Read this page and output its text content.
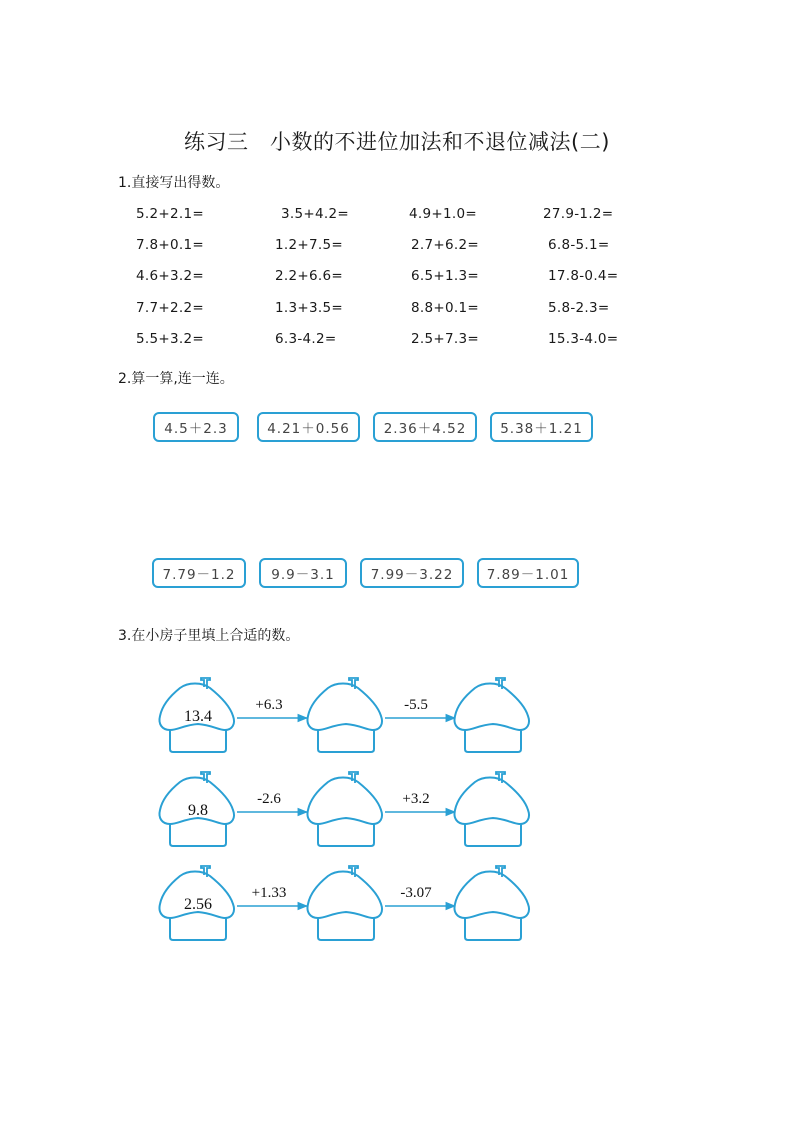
练习三　小数的不进位加法和不退位减法(二)
1.直接写出得数。
5.2+2.1=	3.5+4.2=	4.9+1.0=	27.9-1.2=
7.8+0.1=	1.2+7.5=	2.7+6.2=	6.8-5.1=
4.6+3.2=	2.2+6.6=	6.5+1.3=	17.8-0.4=
7.7+2.2=	1.3+3.5=	8.8+0.1=	5.8-2.3=
5.5+3.2=	6.3-4.2=	2.5+7.3=	15.3-4.0=
2.算一算,连一连。
4.5＋2.3	4.21＋0.56	2.36＋4.52	5.38＋1.21
7.79－1.2	9.9－3.1	7.99－3.22	7.89－1.01
3.在小房子里填上合适的数。
13.4
+6.3	-5.5
9.8
-2.6	+3.2
2.56
+1.33	-3.07
